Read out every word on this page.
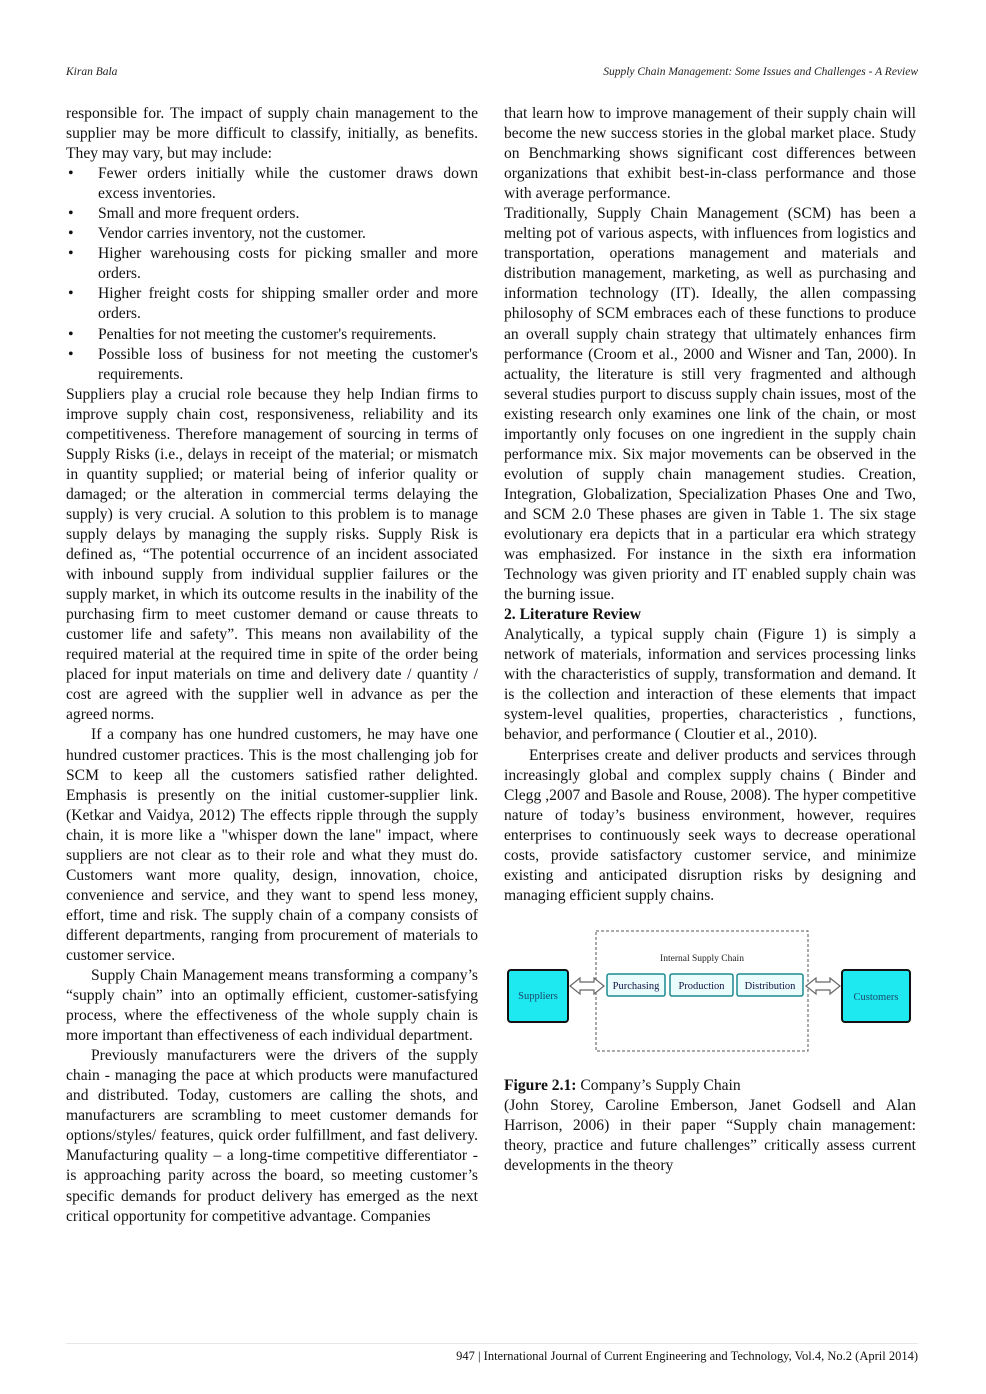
Kiran Bala	Supply Chain Management: Some Issues and Challenges - A Review

responsible for. The impact of supply chain management to the supplier may be more difficult to classify, initially, as benefits. They may vary, but may include:

• Fewer orders initially while the customer draws down excess inventories.
• Small and more frequent orders.
• Vendor carries inventory, not the customer.
• Higher warehousing costs for picking smaller and more orders.
• Higher freight costs for shipping smaller order and more orders.
• Penalties for not meeting the customer's requirements.
• Possible loss of business for not meeting the customer's requirements.

Suppliers play a crucial role because they help Indian firms to improve supply chain cost, responsiveness, reliability and its competitiveness. Therefore management of sourcing in terms of Supply Risks (i.e., delays in receipt of the material; or mismatch in quantity supplied; or material being of inferior quality or damaged; or the alteration in commercial terms delaying the supply) is very crucial. A solution to this problem is to manage supply delays by managing the supply risks. Supply Risk is defined as, “The potential occurrence of an incident associated with inbound supply from individual supplier failures or the supply market, in which its outcome results in the inability of the purchasing firm to meet customer demand or cause threats to customer life and safety”. This means non availability of the required material at the required time in spite of the order being placed for input materials on time and delivery date / quantity / cost are agreed with the supplier well in advance as per the agreed norms.

If a company has one hundred customers, he may have one hundred customer practices. This is the most challenging job for SCM to keep all the customers satisfied rather delighted. Emphasis is presently on the initial customer-supplier link. (Ketkar and Vaidya, 2012) The effects ripple through the supply chain, it is more like a "whisper down the lane" impact, where suppliers are not clear as to their role and what they must do. Customers want more quality, design, innovation, choice, convenience and service, and they want to spend less money, effort, time and risk. The supply chain of a company consists of different departments, ranging from procurement of materials to customer service.

Supply Chain Management means transforming a company’s “supply chain” into an optimally efficient, customer-satisfying process, where the effectiveness of the whole supply chain is more important than effectiveness of each individual department.

Previously manufacturers were the drivers of the supply chain - managing the pace at which products were manufactured and distributed. Today, customers are calling the shots, and manufacturers are scrambling to meet customer demands for options/styles/ features, quick order fulfillment, and fast delivery. Manufacturing quality – a long-time competitive differentiator - is approaching parity across the board, so meeting customer’s specific demands for product delivery has emerged as the next critical opportunity for competitive advantage. Companies

that learn how to improve management of their supply chain will become the new success stories in the global market place. Study on Benchmarking shows significant cost differences between organizations that exhibit best-in-class performance and those with average performance.

Traditionally, Supply Chain Management (SCM) has been a melting pot of various aspects, with influences from logistics and transportation, operations management and materials and distribution management, marketing, as well as purchasing and information technology (IT). Ideally, the allen compassing philosophy of SCM embraces each of these functions to produce an overall supply chain strategy that ultimately enhances firm performance (Croom et al., 2000 and Wisner and Tan, 2000). In actuality, the literature is still very fragmented and although several studies purport to discuss supply chain issues, most of the existing research only examines one link of the chain, or most importantly only focuses on one ingredient in the supply chain performance mix. Six major movements can be observed in the evolution of supply chain management studies. Creation, Integration, Globalization, Specialization Phases One and Two, and SCM 2.0 These phases are given in Table 1. The six stage evolutionary era depicts that in a particular era which strategy was emphasized. For instance in the sixth era information Technology was given priority and IT enabled supply chain was the burning issue.

2. Literature Review

Analytically, a typical supply chain (Figure 1) is simply a network of materials, information and services processing links with the characteristics of supply, transformation and demand. It is the collection and interaction of these elements that impact system-level qualities, properties, characteristics , functions, behavior, and performance ( Cloutier et al., 2010).

Enterprises create and deliver products and services through increasingly global and complex supply chains ( Binder and Clegg ,2007 and Basole and Rouse, 2008). The hyper competitive nature of today’s business environment, however, requires enterprises to continuously seek ways to decrease operational costs, provide satisfactory customer service, and minimize existing and anticipated disruption risks by designing and managing efficient supply chains.

Internal Supply Chain
Suppliers	Customers
Purchasing Production Distribution

Figure 2.1: Company’s Supply Chain

(John Storey, Caroline Emberson, Janet Godsell and Alan Harrison, 2006) in their paper “Supply chain management: theory, practice and future challenges” critically assess current developments in the theory

947 | International Journal of Current Engineering and Technology, Vol.4, No.2 (April 2014)
